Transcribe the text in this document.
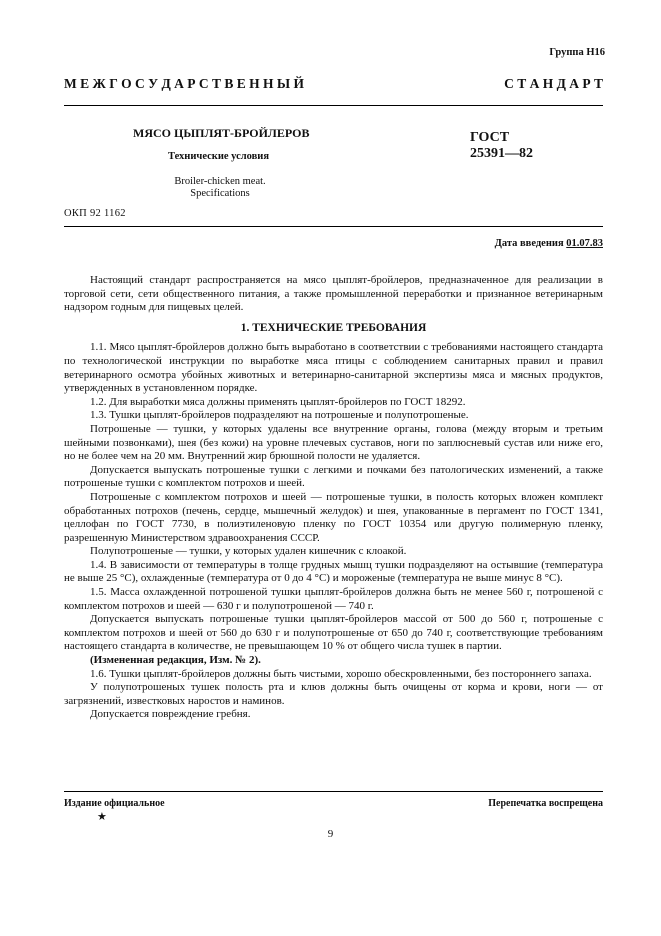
Группа Н16
М Е Ж Г О С У Д А Р С Т В Е Н Н Ы Й	С Т А Н Д А Р Т
МЯСО ЦЫПЛЯТ-БРОЙЛЕРОВ
Технические условия
Broiler-chicken meat.
Specifications
ГОСТ
25391—82
ОКП 92 1162
Дата введения 01.07.83

Настоящий стандарт распространяется на мясо цыплят-бройлеров, предназначенное для реализации в торговой сети, сети общественного питания, а также промышленной переработки и признанное ветеринарным надзором годным для пищевых целей.

1. ТЕХНИЧЕСКИЕ ТРЕБОВАНИЯ

1.1. Мясо цыплят-бройлеров должно быть выработано в соответствии с требованиями настоящего стандарта по технологической инструкции по выработке мяса птицы с соблюдением санитарных правил и правил ветеринарного осмотра убойных животных и ветеринарно-санитарной экспертизы мяса и мясных продуктов, утвержденных в установленном порядке.

1.2. Для выработки мяса должны применять цыплят-бройлеров по ГОСТ 18292.

1.3. Тушки цыплят-бройлеров подразделяют на потрошеные и полупотрошеные.

Потрошеные — тушки, у которых удалены все внутренние органы, голова (между вторым и третьим шейными позвонками), шея (без кожи) на уровне плечевых суставов, ноги по заплюсневый сустав или ниже его, но не более чем на 20 мм. Внутренний жир брюшной полости не удаляется.

Допускается выпускать потрошеные тушки с легкими и почками без патологических изменений, а также потрошеные тушки с комплектом потрохов и шеей.

Потрошеные с комплектом потрохов и шеей — потрошеные тушки, в полость которых вложен комплект обработанных потрохов (печень, сердце, мышечный желудок) и шея, упакованные в пергамент по ГОСТ 1341, целлофан по ГОСТ 7730, в полиэтиленовую пленку по ГОСТ 10354 или другую полимерную пленку, разрешенную Министерством здравоохранения СССР.

Полупотрошеные — тушки, у которых удален кишечник с клоакой.

1.4. В зависимости от температуры в толще грудных мышц тушки подразделяют на остывшие (температура не выше 25 °С), охлажденные (температура от 0 до 4 °С) и мороженые (температура не выше минус 8 °С).

1.5. Масса охлажденной потрошеной тушки цыплят-бройлеров должна быть не менее 560 г, потрошеной с комплектом потрохов и шеей — 630 г и полупотрошеной — 740 г.

Допускается выпускать потрошеные тушки цыплят-бройлеров массой от 500 до 560 г, потрошеные с комплектом потрохов и шеей от 560 до 630 г и полупотрошеные от 650 до 740 г, соответствующие требованиям настоящего стандарта в количестве, не превышающем 10 % от общего числа тушек в партии.

(Измененная редакция, Изм. № 2).

1.6. Тушки цыплят-бройлеров должны быть чистыми, хорошо обескровленными, без постороннего запаха.

У полупотрошеных тушек полость рта и клюв должны быть очищены от корма и крови, ноги — от загрязнений, известковых наростов и наминов.

Допускается повреждение гребня.

Издание официальное
★
Перепечатка воспрещена
9
